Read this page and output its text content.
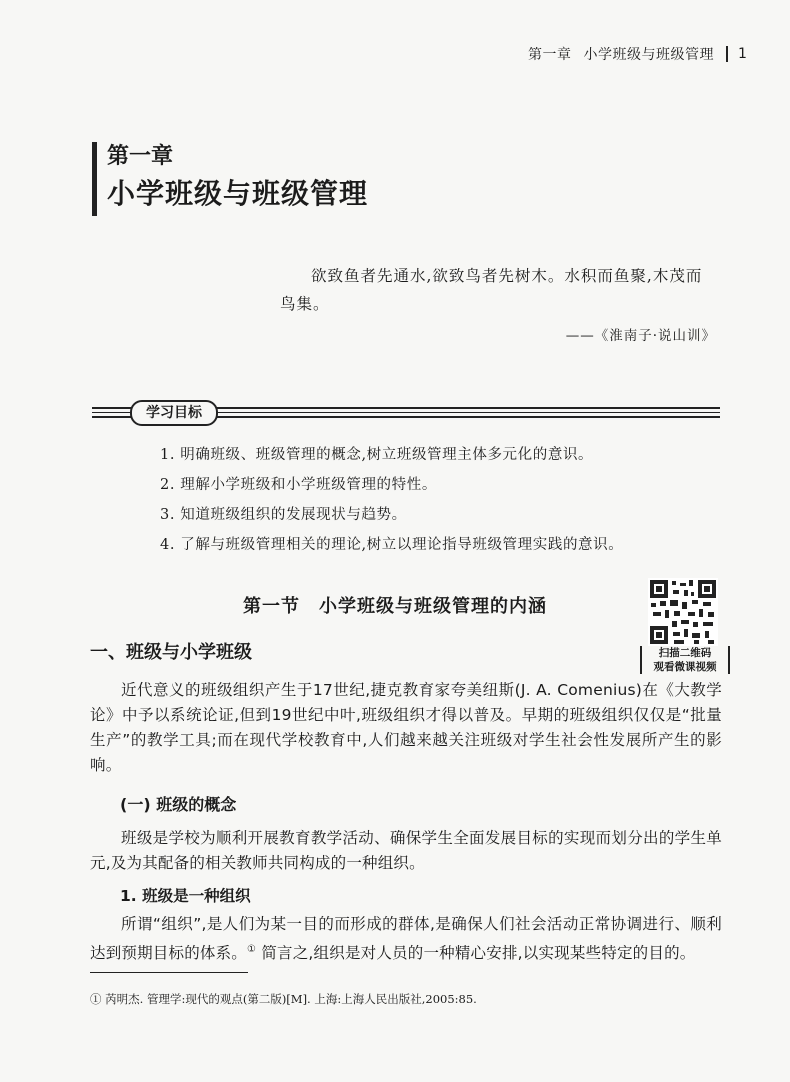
第一章 小学班级与班级管理 1
第一章
小学班级与班级管理

欲致鱼者先通水,欲致鸟者先树木。水积而鱼聚,木茂而鸟集。

——《淮南子·说山训》
学习目标
1. 明确班级、班级管理的概念,树立班级管理主体多元化的意识。
2. 理解小学班级和小学班级管理的特性。
3. 知道班级组织的发展现状与趋势。
4. 了解与班级管理相关的理论,树立以理论指导班级管理实践的意识。
第一节　小学班级与班级管理的内涵
扫描二维码
观看微课视频
一、班级与小学班级

近代意义的班级组织产生于17世纪,捷克教育家夸美纽斯(J. A. Comenius)在《大教学论》中予以系统论证,但到19世纪中叶,班级组织才得以普及。早期的班级组织仅仅是“批量生产”的教学工具;而在现代学校教育中,人们越来越关注班级对学生社会性发展所产生的影响。

(一) 班级的概念

班级是学校为顺利开展教育教学活动、确保学生全面发展目标的实现而划分出的学生单元,及为其配备的相关教师共同构成的一种组织。

1. 班级是一种组织

所谓“组织”,是人们为某一目的而形成的群体,是确保人们社会活动正常协调进行、顺利达到预期目标的体系。① 简言之,组织是对人员的一种精心安排,以实现某些特定的目的。

① 芮明杰. 管理学:现代的观点(第二版)[M]. 上海:上海人民出版社,2005:85.
